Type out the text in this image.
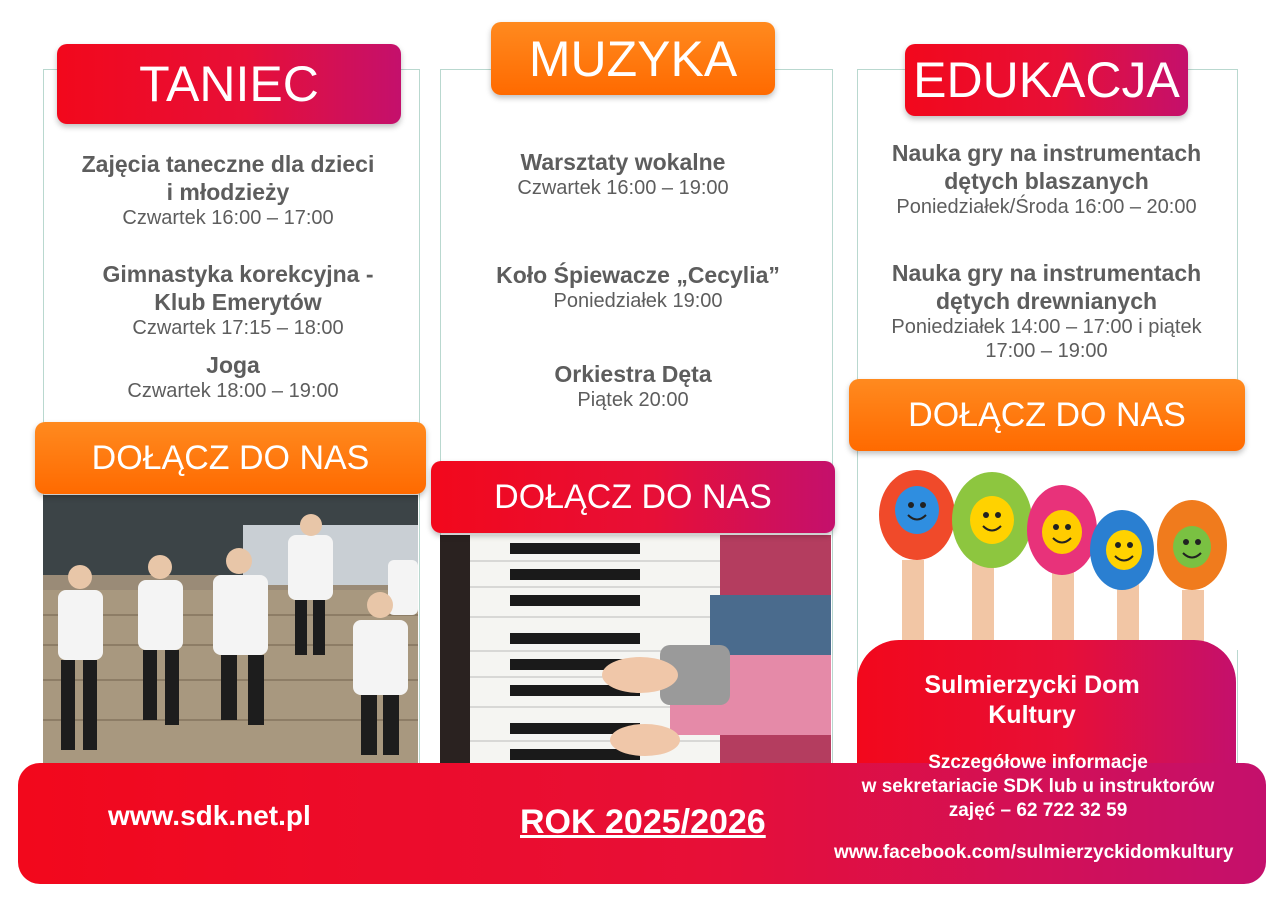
TANIEC	MUZYKA	EDUKACJA
Zajęcia taneczne dla dzieci
i młodzieży
Czwartek 16:00 – 17:00
Gimnastyka korekcyjna -
Klub Emerytów
Czwartek 17:15 – 18:00
Joga
Czwartek 18:00 – 19:00
Warsztaty wokalne
Czwartek 16:00 – 19:00
Koło Śpiewacze „Cecylia”
Poniedziałek 19:00
Orkiestra Dęta
Piątek 20:00
Nauka gry na instrumentach
dętych blaszanych
Poniedziałek/Środa 16:00 – 20:00
Nauka gry na instrumentach
dętych drewnianych
Poniedziałek 14:00 – 17:00 i piątek
17:00 – 19:00
DOŁĄCZ DO NAS
DOŁĄCZ DO NAS
DOŁĄCZ DO NAS
Sulmierzycki Dom
Kultury
www.sdk.net.pl	ROK 2025/2026
Szczegółowe informacje
w sekretariacie SDK lub u instruktorów
zajęć – 62 722 32 59
www.facebook.com/sulmierzyckidomkultury
